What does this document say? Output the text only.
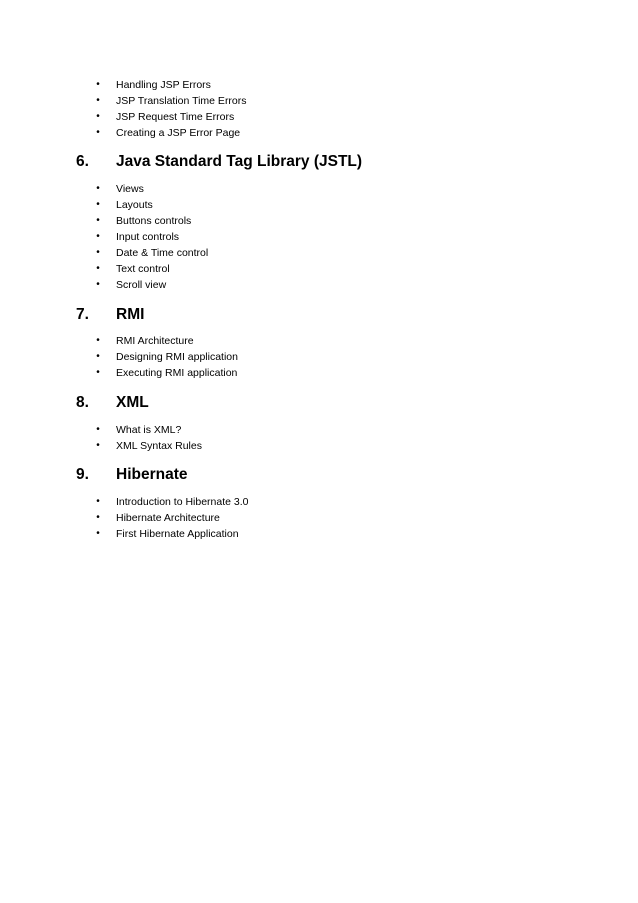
•	Handling JSP Errors
•	JSP Translation Time Errors
•	JSP Request Time Errors
•	Creating a JSP Error Page
6. Java Standard Tag Library (JSTL)
•	Views
•	Layouts
•	Buttons controls
•	Input controls
•	Date & Time control
•	Text control
•	Scroll view
7. RMI
•	RMI Architecture
•	Designing RMI application
•	Executing RMI application
8. XML
•	What is XML?
•	XML Syntax Rules
9. Hibernate
•	Introduction to Hibernate 3.0
•	Hibernate Architecture
•	First Hibernate Application
